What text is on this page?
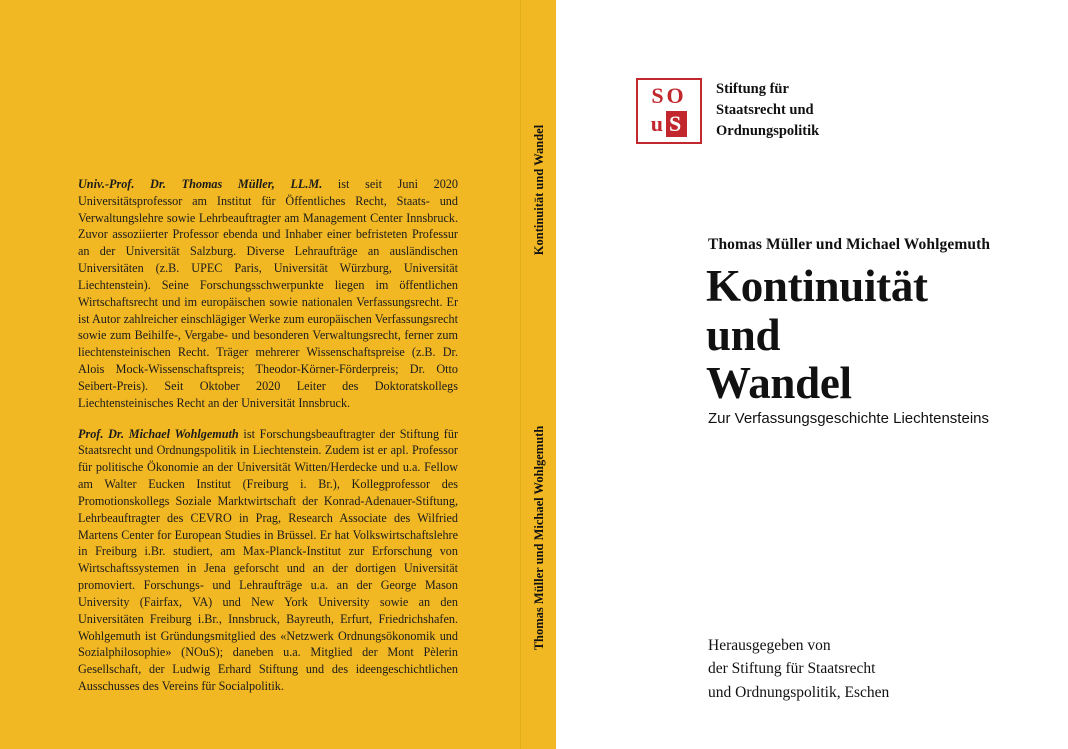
Univ.-Prof. Dr. Thomas Müller, LL.M. ist seit Juni 2020 Universitätsprofessor am Institut für Öffentliches Recht, Staats- und Verwaltungslehre sowie Lehrbeauftragter am Management Center Innsbruck. Zuvor assoziierter Professor ebenda und Inhaber einer befristeten Professur an der Universität Salzburg. Diverse Lehraufträge an ausländischen Universitäten (z.B. UPEC Paris, Universität Würzburg, Universität Liechtenstein). Seine Forschungsschwerpunkte liegen im öffentlichen Wirtschaftsrecht und im europäischen sowie nationalen Verfassungsrecht. Er ist Autor zahlreicher einschlägiger Werke zum europäischen Verfassungsrecht sowie zum Beihilfe-, Vergabe- und besonderen Verwaltungsrecht, ferner zum liechtensteinischen Recht. Träger mehrerer Wissenschaftspreise (z.B. Dr. Alois Mock-Wissenschaftspreis; Theodor-Körner-Förderpreis; Dr. Otto Seibert-Preis). Seit Oktober 2020 Leiter des Doktoratskollegs Liechtensteinisches Recht an der Universität Innsbruck.

Prof. Dr. Michael Wohlgemuth ist Forschungsbeauftragter der Stiftung für Staatsrecht und Ordnungspolitik in Liechtenstein. Zudem ist er apl. Professor für politische Ökonomie an der Universität Witten/Herdecke und u.a. Fellow am Walter Eucken Institut (Freiburg i. Br.), Kollegprofessor des Promotionskollegs Soziale Marktwirtschaft der Konrad-Adenauer-Stiftung, Lehrbeauftragter des CEVRO in Prag, Research Associate des Wilfried Martens Center for European Studies in Brüssel. Er hat Volkswirtschaftslehre in Freiburg i.Br. studiert, am Max-Planck-Institut zur Erforschung von Wirtschaftssystemen in Jena geforscht und an der dortigen Universität promoviert. Forschungs- und Lehraufträge u.a. an der George Mason University (Fairfax, VA) und New York University sowie an den Universitäten Freiburg i.Br., Innsbruck, Bayreuth, Erfurt, Friedrichshafen. Wohlgemuth ist Gründungsmitglied des «Netzwerk Ordnungsökonomik und Sozialphilosophie» (NOuS); daneben u.a. Mitglied der Mont Pèlerin Gesellschaft, der Ludwig Erhard Stiftung und des ideengeschichtlichen Ausschusses des Vereins für Socialpolitik.

Kontinuität und Wandel
Thomas Müller und Michael Wohlgemuth
SO
u S
Stiftung für
Staatsrecht und
Ordnungspolitik
Thomas Müller und Michael Wohlgemuth
Kontinuität
und
Wandel
Zur Verfassungsgeschichte Liechtensteins
Herausgegeben von
der Stiftung für Staatsrecht
und Ordnungspolitik, Eschen
